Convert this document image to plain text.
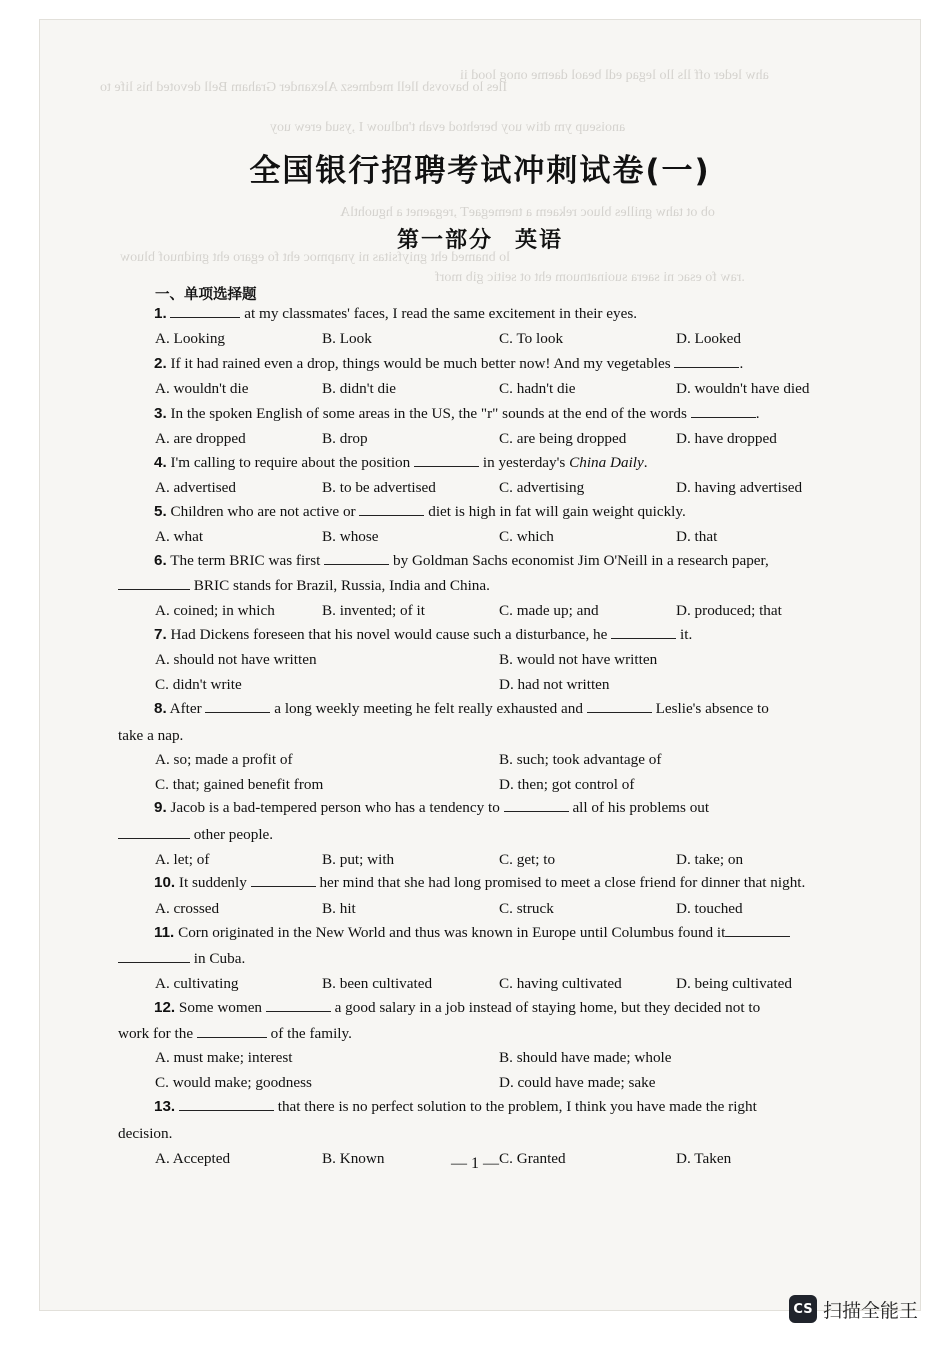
ahw leder off lls llo legaq edl beaol daeme onog lood ii
Iles lo bavovsb llell medmesz Alexander Graham Bell devoted his life to
anoiseup ym dtiw uoy berehtod evah t'ndluow I ,ysud erew uoy
ob ot tahw gnilles bluoc rekaem a tnemegaeT ,regaenet a hguohtlA
lo bnamed eht gniyfsitas ni ynapmoc eht fo egaro eht gnidnuof bluow
.raw fo esac ni saera suoinatnuom eht ot seitic gib morf
全国银行招聘考试冲刺试卷(一)
第一部分 英语
一、单项选择题
1.	at my classmates' faces, I read the same excitement in their eyes.
A. Looking	B. Look	C. To look	D. Looked
2. If it had rained even a drop, things would be much better now! And my vegetables	.
A. wouldn't die	B. didn't die	C. hadn't die	D. wouldn't have died
3. In the spoken English of some areas in the US, the "r" sounds at the end of the words	.
A. are dropped	B. drop	C. are being dropped	D. have dropped
4. I'm calling to require about the position	in yesterday's China Daily.
A. advertised	B. to be advertised	C. advertising	D. having advertised
5. Children who are not active or	diet is high in fat will gain weight quickly.
A. what	B. whose	C. which	D. that
6. The term BRIC was first	by Goldman Sachs economist Jim O'Neill in a research paper,
BRIC stands for Brazil, Russia, India and China.
A. coined; in which	B. invented; of it	C. made up; and	D. produced; that
7. Had Dickens foreseen that his novel would cause such a disturbance, he	it.
A. should not have written	B. would not have written
C. didn't write	D. had not written
8. After	a long weekly meeting he felt really exhausted and	Leslie's absence to
take a nap.
A. so; made a profit of	B. such; took advantage of
C. that; gained benefit from	D. then; got control of
9. Jacob is a bad-tempered person who has a tendency to	all of his problems out
other people.
A. let; of	B. put; with	C. get; to	D. take; on
10. It suddenly	her mind that she had long promised to meet a close friend for dinner that night.
A. crossed	B. hit	C. struck	D. touched
11. Corn originated in the New World and thus was known in Europe until Columbus found it
in Cuba.
A. cultivating	B. been cultivated	C. having cultivated	D. being cultivated
12. Some women	a good salary in a job instead of staying home, but they decided not to
work for the	of the family.
A. must make; interest	B. should have made; whole
C. would make; goodness	D. could have made; sake
13.	that there is no perfect solution to the problem, I think you have made the right
decision.
A. Accepted	B. Known	C. Granted	D. Taken
— 1 —
CS 扫描全能王
